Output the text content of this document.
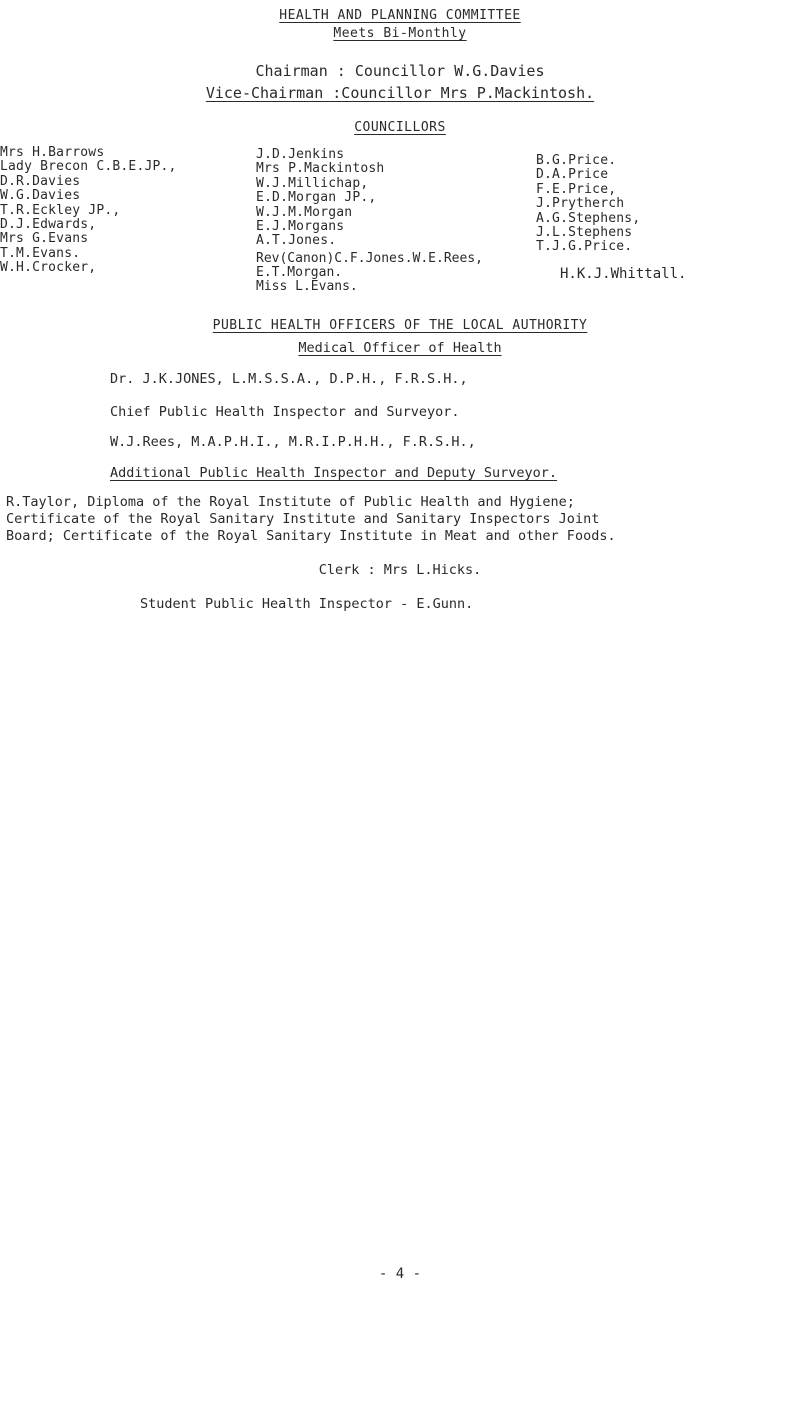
HEALTH AND PLANNING COMMITTEE
Meets Bi-Monthly
Chairman : Councillor W.G.Davies
Vice-Chairman :Councillor Mrs P.Mackintosh.
COUNCILLORS
Mrs H.Barrows
Lady Brecon C.B.E.JP.,
D.R.Davies
W.G.Davies
T.R.Eckley JP.,
D.J.Edwards,
Mrs G.Evans
T.M.Evans.
W.H.Crocker,
J.D.Jenkins
Mrs P.Mackintosh
W.J.Millichap,
E.D.Morgan JP.,
W.J.M.Morgan
E.J.Morgans
A.T.Jones.
B.G.Price.
D.A.Price
F.E.Price,
J.Prytherch
A.G.Stephens,
J.L.Stephens
T.J.G.Price.
Rev(Canon)C.F.Jones.W.E.Rees,
E.T.Morgan.	H.K.J.Whittall.
Miss L.Evans.
PUBLIC HEALTH OFFICERS OF THE LOCAL AUTHORITY
Medical Officer of Health
Dr. J.K.JONES, L.M.S.S.A., D.P.H., F.R.S.H.,
Chief Public Health Inspector and Surveyor.
W.J.Rees, M.A.P.H.I., M.R.I.P.H.H., F.R.S.H.,
Additional Public Health Inspector and Deputy Surveyor.
R.Taylor, Diploma of the Royal Institute of Public Health and Hygiene;
Certificate of the Royal Sanitary Institute and Sanitary Inspectors Joint
Board; Certificate of the Royal Sanitary Institute in Meat and other Foods.
Clerk : Mrs L.Hicks.
Student Public Health Inspector - E.Gunn.
- 4 -
